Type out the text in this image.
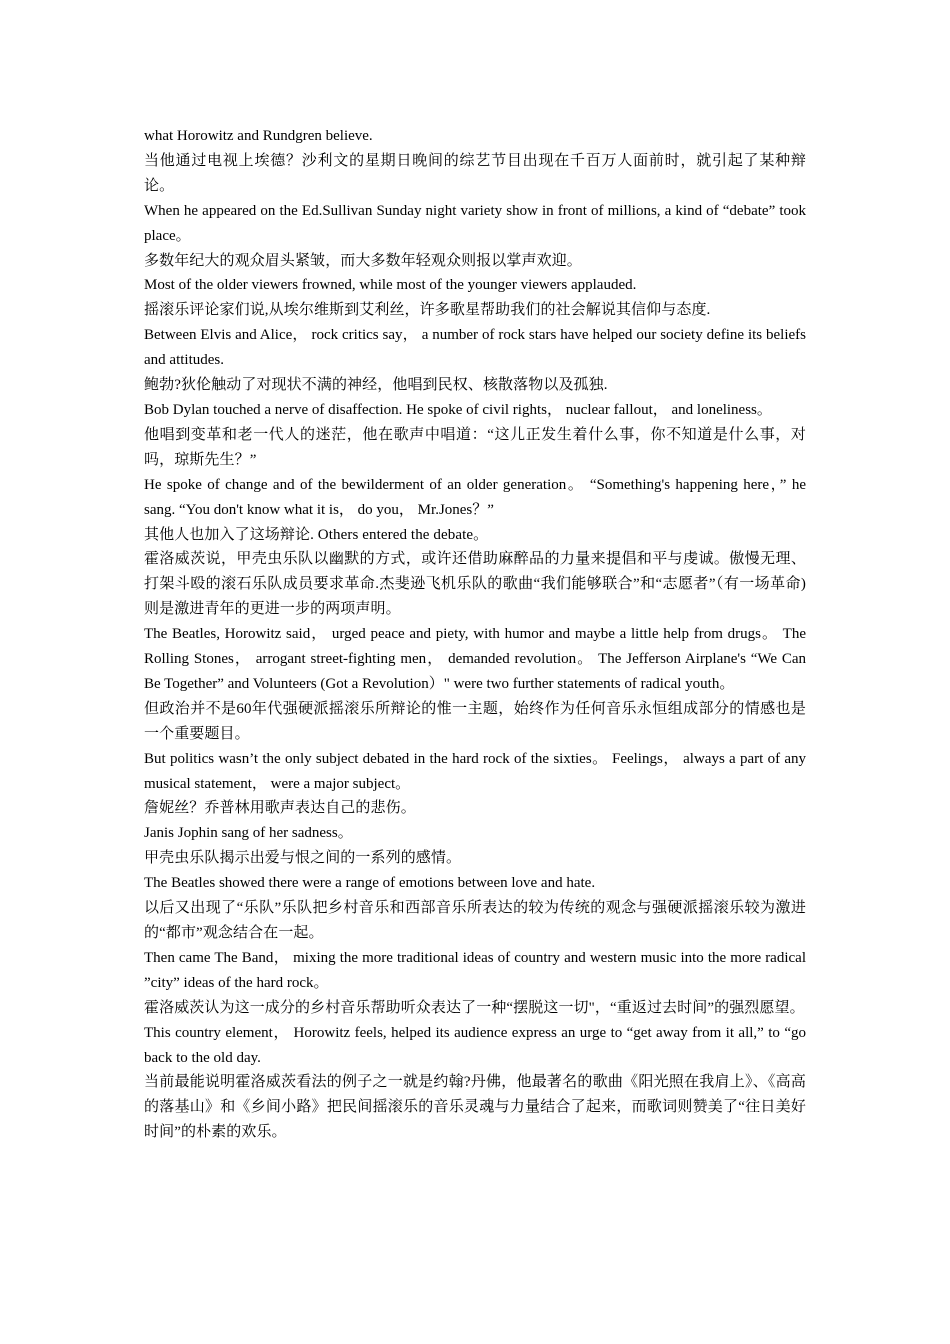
what Horowitz and Rundgren believe.

当他通过电视上埃德？沙利文的星期日晚间的综艺节目出现在千百万人面前时，就引起了某种辩论。

When he appeared on the Ed.Sullivan Sunday night variety show in front of millions, a kind of “debate” took place。

多数年纪大的观众眉头紧皱，而大多数年轻观众则报以掌声欢迎。

Most of the older viewers frowned, while most of the younger viewers applauded.

摇滚乐评论家们说,从埃尔维斯到艾利丝，许多歌星帮助我们的社会解说其信仰与态度.

Between Elvis and Alice， rock critics say， a number of rock stars have helped our society define its beliefs and attitudes.

鲍勃?狄伦触动了对现状不满的神经，他唱到民权、核散落物以及孤独.

Bob Dylan touched a nerve of disaffection. He spoke of civil rights， nuclear fallout， and loneliness。

他唱到变革和老一代人的迷茫，他在歌声中唱道：“这儿正发生着什么事，你不知道是什么事，对吗，琼斯先生？”

He spoke of change and of the bewilderment of an older generation。 “Something's happening here，” he sang. “You don't know what it is， do you， Mr.Jones？”

其他人也加入了这场辩论. Others entered the debate。

霍洛威茨说，甲壳虫乐队以幽默的方式，或许还借助麻醉品的力量来提倡和平与虔诚。傲慢无理、打架斗殴的滚石乐队成员要求革命.杰斐逊飞机乐队的歌曲“我们能够联合”和“志愿者”（有一场革命)则是激进青年的更进一步的两项声明。

The Beatles, Horowitz said， urged peace and piety, with humor and maybe a little help from drugs。 The Rolling Stones， arrogant street-fighting men， demanded revolution。 The Jefferson Airplane's “We Can Be Together” and Volunteers (Got a Revolution）" were two further statements of radical youth。

但政治并不是60年代强硬派摇滚乐所辩论的惟一主题，始终作为任何音乐永恒组成部分的情感也是一个重要题目。

But politics wasn’t the only subject debated in the hard rock of the sixties。 Feelings， always a part of any musical statement， were a major subject。

詹妮丝？乔普林用歌声表达自己的悲伤。

Janis Jophin sang of her sadness。

甲壳虫乐队揭示出爱与恨之间的一系列的感情。

The Beatles showed there were a range of emotions between love and hate.

以后又出现了“乐队”乐队把乡村音乐和西部音乐所表达的较为传统的观念与强硬派摇滚乐较为激进的“都市”观念结合在一起。

Then came The Band， mixing the more traditional ideas of country and western music into the more radical ”city” ideas of the hard rock。

霍洛威茨认为这一成分的乡村音乐帮助听众表达了一种“摆脱这一切"，“重返过去时间”的强烈愿望。

This country element， Horowitz feels, helped its audience express an urge to “get away from it all,” to “go back to the old day.

当前最能说明霍洛威茨看法的例子之一就是约翰?丹佛，他最著名的歌曲《阳光照在我肩上》、《高高的落基山》和《乡间小路》把民间摇滚乐的音乐灵魂与力量结合了起来，而歌词则赞美了“往日美好时间”的朴素的欢乐。
